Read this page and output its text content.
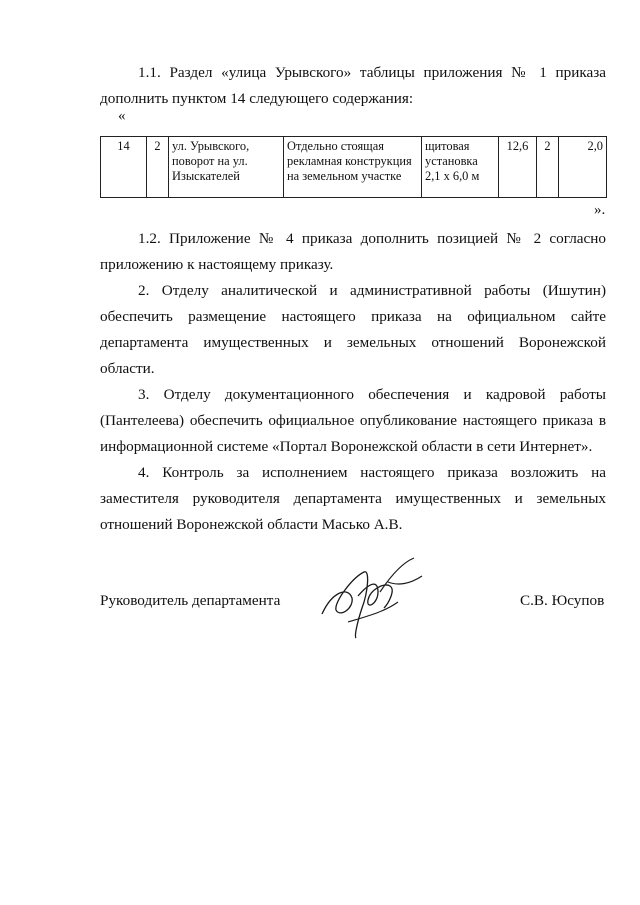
1.1. Раздел «улица Урывского» таблицы приложения № 1 приказа дополнить пунктом 14 следующего содержания:

«
14	2	ул. Урывского, поворот на ул. Изыскателей	Отдельно стоящая рекламная конструкция на земельном участке	щитовая установка 2,1 х 6,0 м	12,6	2	2,0
».

1.2. Приложение № 4 приказа дополнить позицией № 2 согласно приложению к настоящему приказу.

2. Отделу аналитической и административной работы (Ишутин) обеспечить размещение настоящего приказа на официальном сайте департамента имущественных и земельных отношений Воронежской области.

3. Отделу документационного обеспечения и кадровой работы (Пантелеева) обеспечить официальное опубликование настоящего приказа в информационной системе «Портал Воронежской области в сети Интернет».

4. Контроль за исполнением настоящего приказа возложить на заместителя руководителя департамента имущественных и земельных отношений Воронежской области Масько А.В.

Руководитель департамента	С.В. Юсупов
